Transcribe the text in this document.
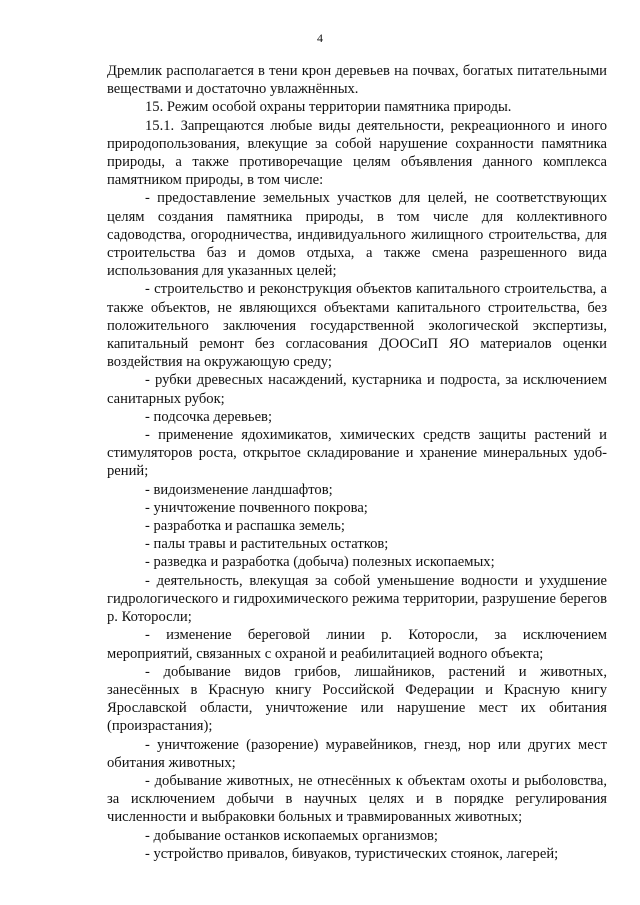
4

Дремлик располагается в тени крон деревьев на почвах, богатых питательными веществами и достаточно увлажнённых.

15. Режим особой охраны территории памятника природы.

15.1. Запрещаются любые виды деятельности, рекреационного и иного природопользования, влекущие за собой нарушение сохранности памятника природы, а также противоречащие целям объявления данного комплекса памятником природы, в том числе:

- предоставление земельных участков для целей, не соответствующих целям создания памятника природы, в том числе для коллективного садоводства, огородничества, индивидуального жилищного строительства, для строительства баз и домов отдыха, а также смена разрешенного вида использования для указанных целей;

- строительство и реконструкция объектов капитального строительства, а также объектов, не являющихся объектами капитального строительства, без положительного заключения государственной экологической экспертизы, капитальный ремонт без согласования ДООСиП ЯО материалов оценки воздействия на окружающую среду;

- рубки древесных насаждений, кустарника и подроста, за исключением санитарных рубок;

- подсочка деревьев;

- применение ядохимикатов, химических средств защиты растений и стимуляторов роста, открытое складирование и хранение минеральных удобрений;

- видоизменение ландшафтов;

- уничтожение почвенного покрова;

- разработка и распашка земель;

- палы травы и растительных остатков;

- разведка и разработка (добыча) полезных ископаемых;

- деятельность, влекущая за собой уменьшение водности и ухудшение гидрологического и гидрохимического режима территории, разрушение берегов р. Которосли;

- изменение береговой линии р. Которосли, за исключением мероприятий, связанных с охраной и реабилитацией водного объекта;

- добывание видов грибов, лишайников, растений и животных, занесённых в Красную книгу Российской Федерации и Красную книгу Ярославской области, уничтожение или нарушение мест их обитания (произрастания);

- уничтожение (разорение) муравейников, гнезд, нор или других мест обитания животных;

- добывание животных, не отнесённых к объектам охоты и рыболовства, за исключением добычи в научных целях и в порядке регулирования численности и выбраковки больных и травмированных животных;

- добывание останков ископаемых организмов;

- устройство привалов, бивуаков, туристических стоянок, лагерей;
